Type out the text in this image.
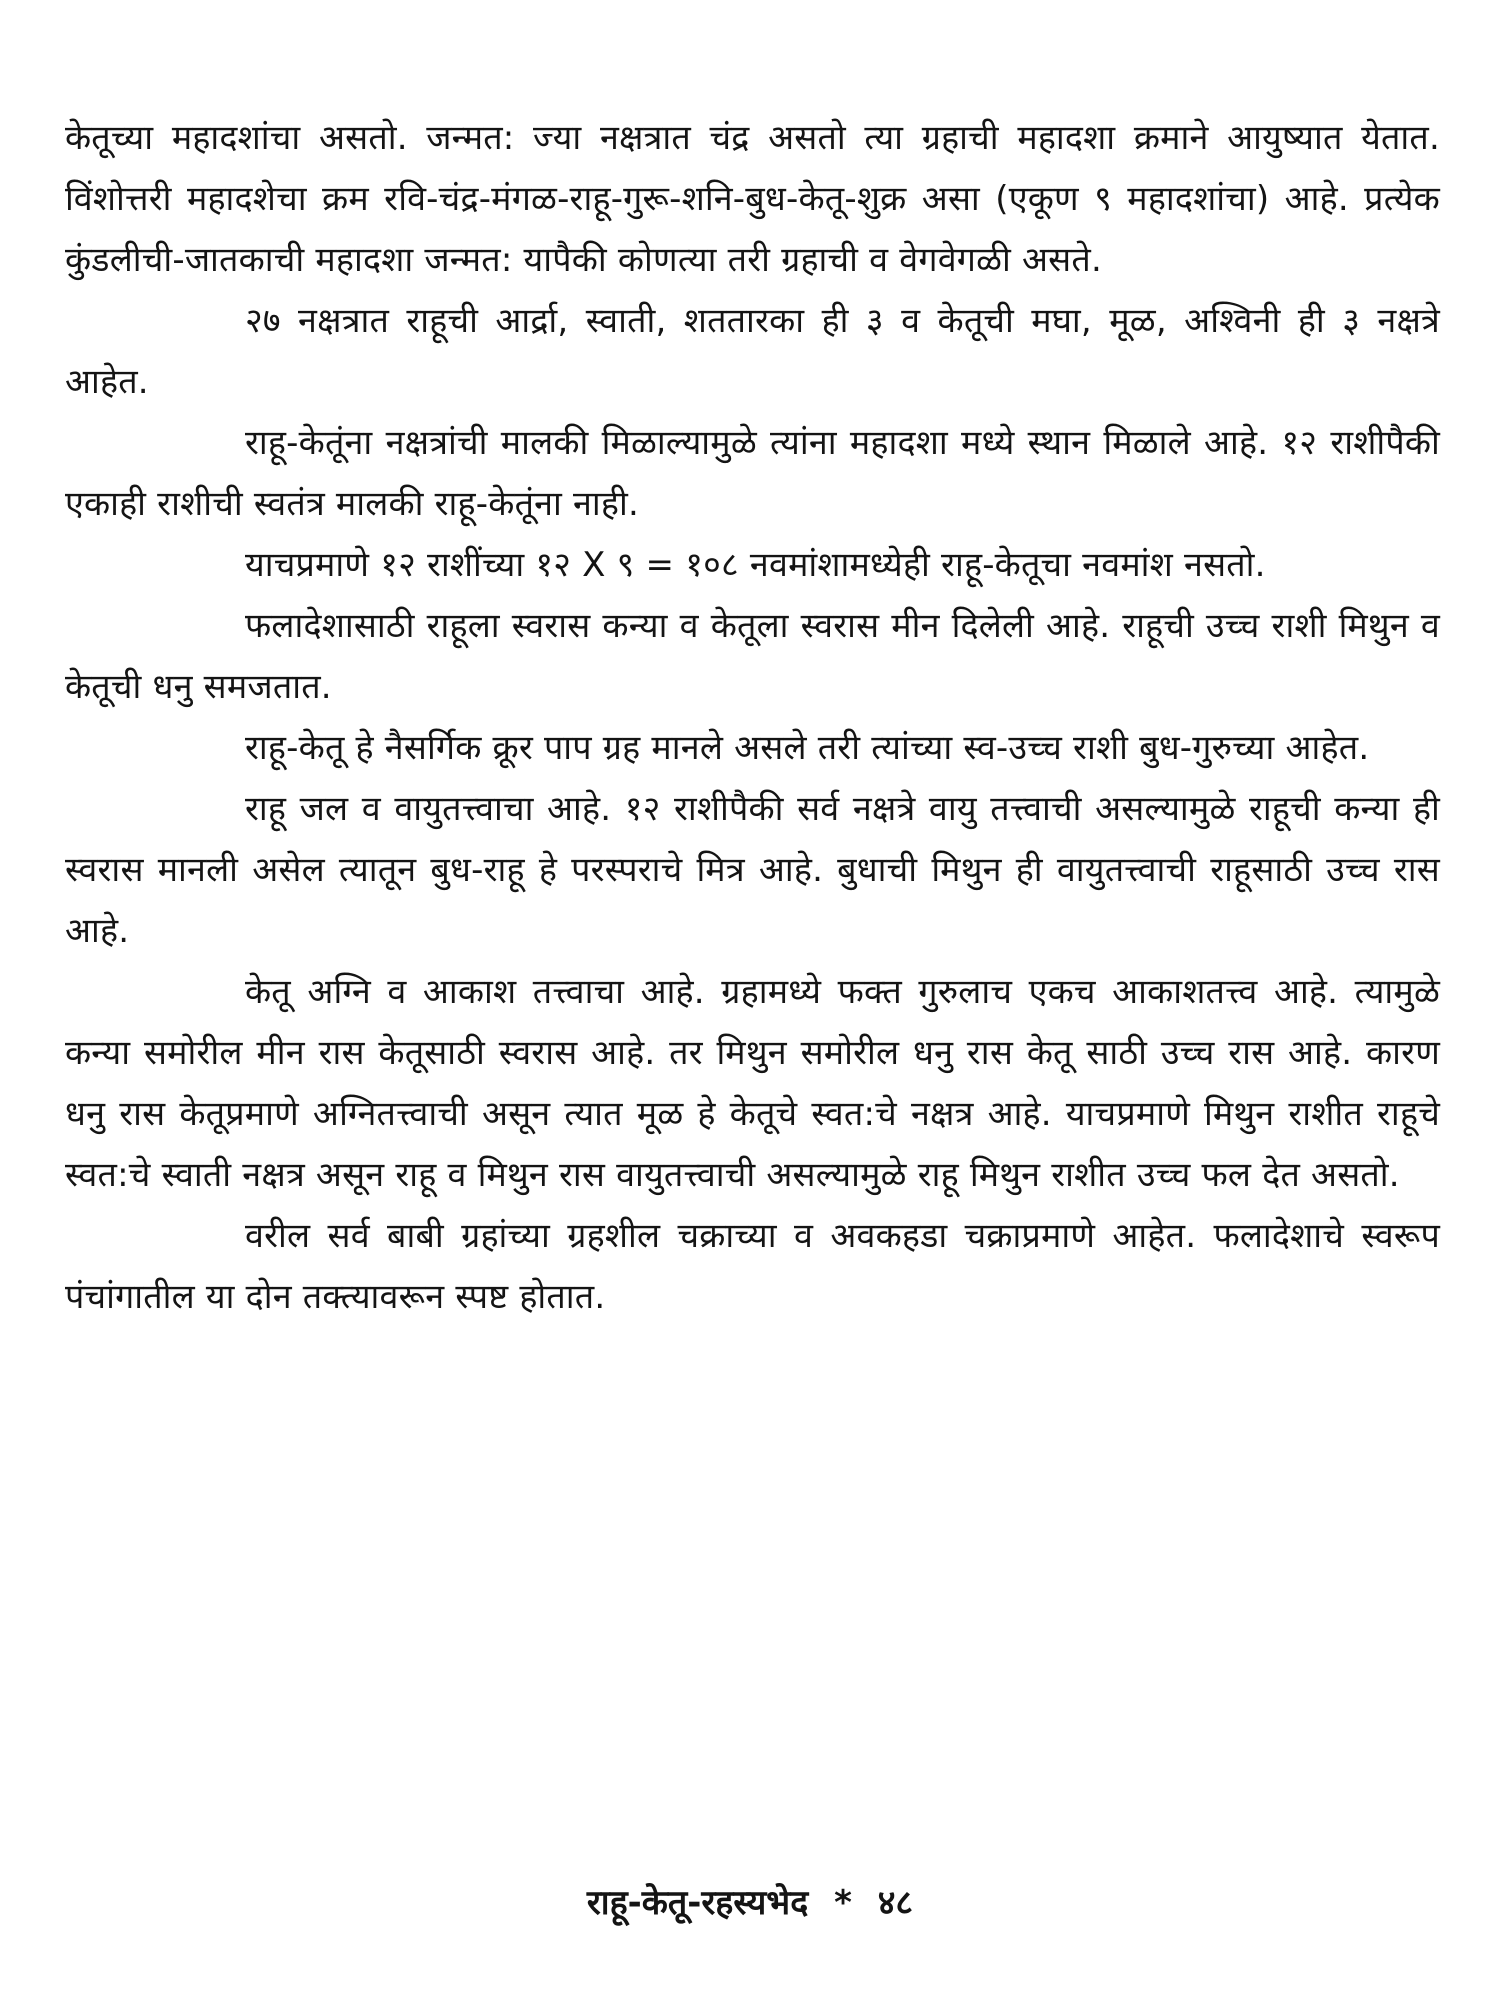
केतूच्या महादशांचा असतो. जन्मत: ज्या नक्षत्रात चंद्र असतो त्या ग्रहाची महादशा क्रमाने आयुष्यात येतात. विंशोत्तरी महादशेचा क्रम रवि-चंद्र-मंगळ-राहू-गुरू-शनि-बुध-केतू-शुक्र असा (एकूण ९ महादशांचा) आहे. प्रत्येक कुंडलीची-जातकाची महादशा जन्मत: यापैकी कोणत्या तरी ग्रहाची व वेगवेगळी असते.

२७ नक्षत्रात राहूची आर्द्रा, स्वाती, शततारका ही ३ व केतूची मघा, मूळ, अश्विनी ही ३ नक्षत्रे आहेत.

राहू-केतूंना नक्षत्रांची मालकी मिळाल्यामुळे त्यांना महादशा मध्ये स्थान मिळाले आहे. १२ राशीपैकी एकाही राशीची स्वतंत्र मालकी राहू-केतूंना नाही.

याचप्रमाणे १२ राशींच्या १२ X ९ = १०८ नवमांशामध्येही राहू-केतूचा नवमांश नसतो.

फलादेशासाठी राहूला स्वरास कन्या व केतूला स्वरास मीन दिलेली आहे. राहूची उच्च राशी मिथुन व केतूची धनु समजतात.

राहू-केतू हे नैसर्गिक क्रूर पाप ग्रह मानले असले तरी त्यांच्या स्व-उच्च राशी बुध-गुरुच्या आहेत.

राहू जल व वायुतत्त्वाचा आहे. १२ राशीपैकी सर्व नक्षत्रे वायु तत्त्वाची असल्यामुळे राहूची कन्या ही स्वरास मानली असेल त्यातून बुध-राहू हे परस्पराचे मित्र आहे. बुधाची मिथुन ही वायुतत्त्वाची राहूसाठी उच्च रास आहे.

केतू अग्नि व आकाश तत्त्वाचा आहे. ग्रहामध्ये फक्त गुरुलाच एकच आकाशतत्त्व आहे. त्यामुळे कन्या समोरील मीन रास केतूसाठी स्वरास आहे. तर मिथुन समोरील धनु रास केतू साठी उच्च रास आहे. कारण धनु रास केतूप्रमाणे अग्नितत्त्वाची असून त्यात मूळ हे केतूचे स्वत:चे नक्षत्र आहे. याचप्रमाणे मिथुन राशीत राहूचे स्वत:चे स्वाती नक्षत्र असून राहू व मिथुन रास वायुतत्त्वाची असल्यामुळे राहू मिथुन राशीत उच्च फल देत असतो.

वरील सर्व बाबी ग्रहांच्या ग्रहशील चक्राच्या व अवकहडा चक्राप्रमाणे आहेत. फलादेशाचे स्वरूप पंचांगातील या दोन तक्त्यावरून स्पष्ट होतात.

राहू-केतू-रहस्यभेद * ४८
